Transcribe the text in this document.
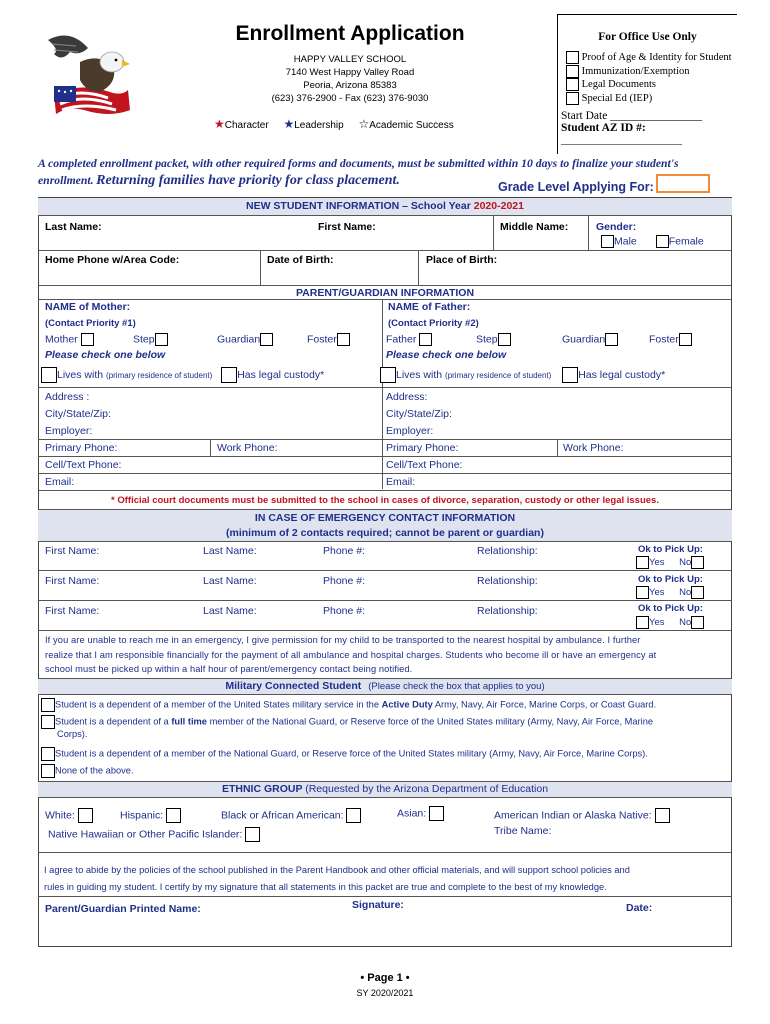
Enrollment Application
HAPPY VALLEY SCHOOL
7140 West Happy Valley Road
Peoria, Arizona 85383
(623) 376-2900 - Fax (623) 376-9030
★Character ★Leadership ☆Academic Success
For Office Use Only
Proof of Age & Identity for Student
Immunization/Exemption
Legal Documents
Special Ed (IEP)
Start Date ________________
Student AZ ID #:
______________________
A completed enrollment packet, with other required forms and documents, must be submitted within 10 days to finalize your student's
enrollment. Returning families have priority for class placement.	Grade Level Applying For:
NEW STUDENT INFORMATION – School Year 2020-2021
Last Name:	First Name:	Middle Name:	Gender:
Male	Female
Home Phone w/Area Code:	Date of Birth:	Place of Birth:
PARENT/GUARDIAN INFORMATION
NAME of Mother:
(Contact Priority #1)
Mother	Step	Guardian	Foster
Please check one below
Lives with (primary residence of student) Has legal custody*
Address :
City/State/Zip:
Employer:
Primary Phone:	Work Phone:
Cell/Text Phone:
Email:
NAME of Father:
(Contact Priority #2)
Father	Step	Guardian	Foster
Please check one below
Lives with (primary residence of student)	Has legal custody*
Address:
City/State/Zip:
Employer:
Primary Phone:	Work Phone:
Cell/Text Phone:
Email:
* Official court documents must be submitted to the school in cases of divorce, separation, custody or other legal issues.
IN CASE OF EMERGENCY CONTACT INFORMATION
(minimum of 2 contacts required; cannot be parent or guardian)
First Name:	Last Name:	Phone #:	Relationship:	Ok to Pick Up:
Yes No
First Name:	Last Name:	Phone #:	Relationship:	Ok to Pick Up:
Yes No
First Name:	Last Name:	Phone #:	Relationship:	Ok to Pick Up:
Yes No
If you are unable to reach me in an emergency, I give permission for my child to be transported to the nearest hospital by ambulance. I further
realize that I am responsible financially for the payment of all ambulance and hospital charges. Students who become ill or have an emergency at
school must be picked up within a half hour of parent/emergency contact being notified.
Military Connected Student (Please check the box that applies to you)
Student is a dependent of a member of the United States military service in the Active Duty Army, Navy, Air Force, Marine Corps, or Coast Guard.
Student is a dependent of a full time member of the National Guard, or Reserve force of the United States military (Army, Navy, Air Force, Marine
Corps).
Student is a dependent of a member of the National Guard, or Reserve force of the United States military (Army, Navy, Air Force, Marine Corps).
None of the above.
ETHNIC GROUP (Requested by the Arizona Department of Education
White:	Hispanic:	Black or African American:	Asian:	American Indian or Alaska Native:
Tribe Name:
Native Hawaiian or Other Pacific Islander:
I agree to abide by the policies of the school published in the Parent Handbook and other official materials, and will support school policies and
rules in guiding my student. I certify by my signature that all statements in this packet are true and complete to the best of my knowledge.
Parent/Guardian Printed Name:	Signature:	Date:
• Page 1 •
SY 2020/2021
